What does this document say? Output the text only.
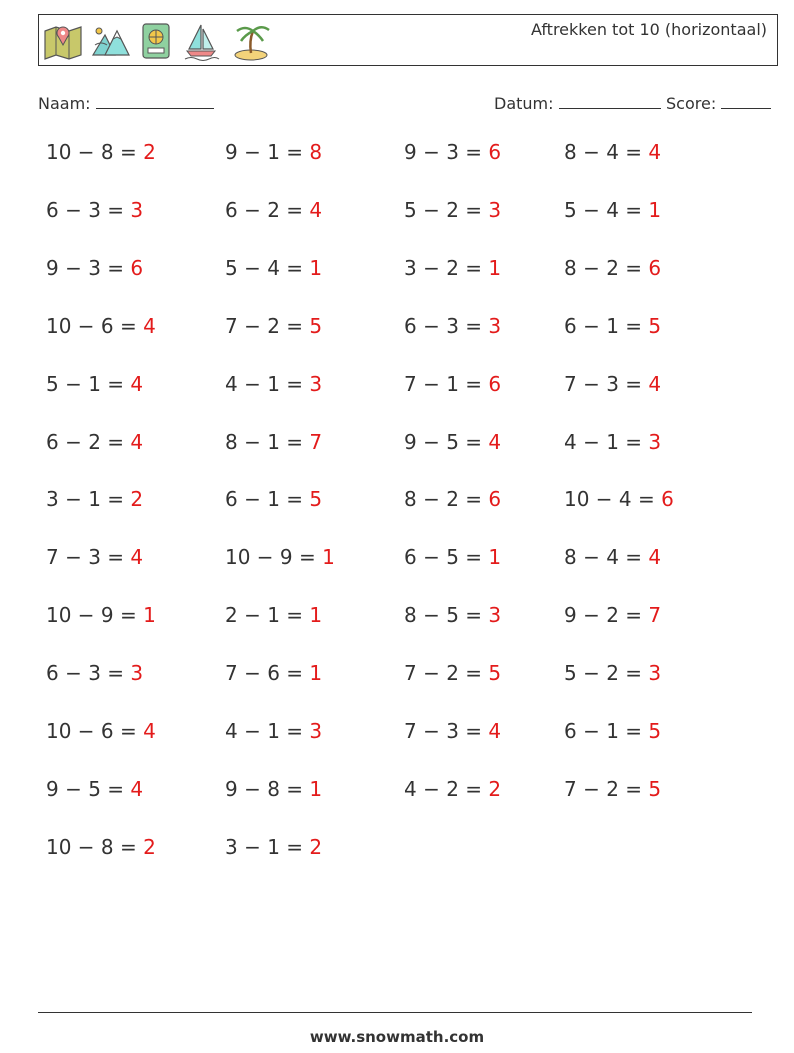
Aftrekken tot 10 (horizontaal)
Naam:	Datum:	Score:
10 − 8 = 2	9 − 1 = 8	9 − 3 = 6	8 − 4 = 4
6 − 3 = 3	6 − 2 = 4	5 − 2 = 3	5 − 4 = 1
9 − 3 = 6	5 − 4 = 1	3 − 2 = 1	8 − 2 = 6
10 − 6 = 4	7 − 2 = 5	6 − 3 = 3	6 − 1 = 5
5 − 1 = 4	4 − 1 = 3	7 − 1 = 6	7 − 3 = 4
6 − 2 = 4	8 − 1 = 7	9 − 5 = 4	4 − 1 = 3
3 − 1 = 2	6 − 1 = 5	8 − 2 = 6	10 − 4 = 6
7 − 3 = 4	10 − 9 = 1	6 − 5 = 1	8 − 4 = 4
10 − 9 = 1	2 − 1 = 1	8 − 5 = 3	9 − 2 = 7
6 − 3 = 3	7 − 6 = 1	7 − 2 = 5	5 − 2 = 3
10 − 6 = 4	4 − 1 = 3	7 − 3 = 4	6 − 1 = 5
9 − 5 = 4	9 − 8 = 1	4 − 2 = 2	7 − 2 = 5
10 − 8 = 2	3 − 1 = 2
www.snowmath.com
